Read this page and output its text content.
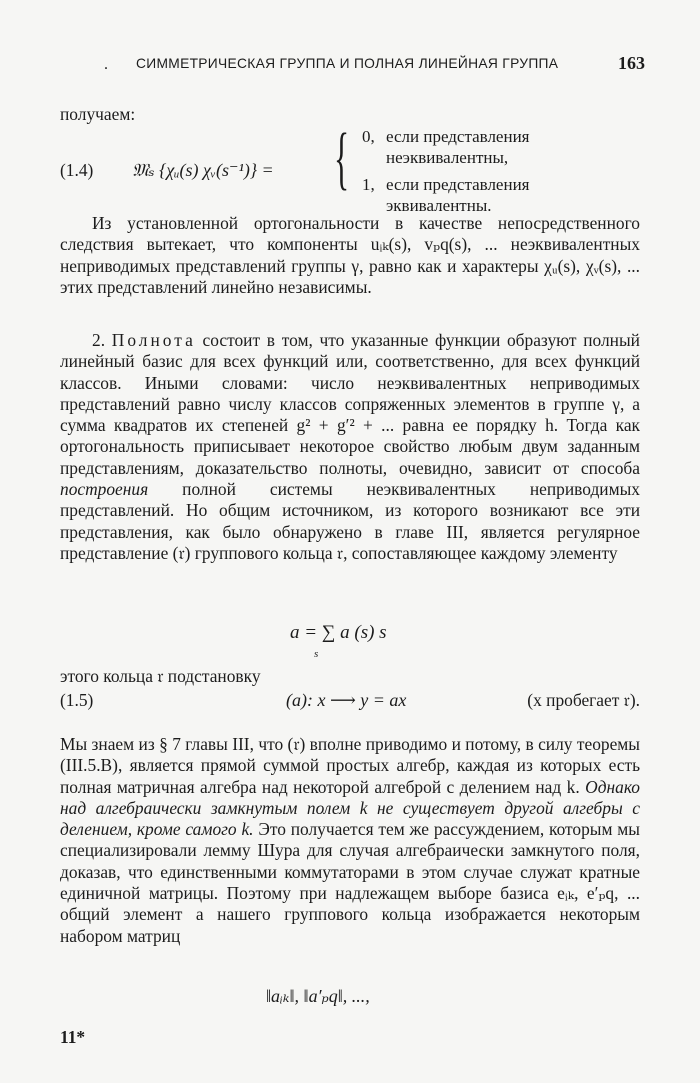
. СИММЕТРИЧЕСКАЯ ГРУППА И ПОЛНАЯ ЛИНЕЙНАЯ ГРУППА	163
получаем:
(1.4) 𝔐ₛ {χᵤ(s) χᵥ(s⁻¹)} = { 0, если представления
неэквивалентны,
1, если представления
эквивалентны.

Из установленной ортогональности в качестве непосредственного следствия вытекает, что компоненты uᵢₖ(s), vₚq(s), ... неэквивалентных неприводимых представлений группы γ, равно как и характеры χᵤ(s), χᵥ(s), ... этих представлений линейно независимы.

2. Полнота состоит в том, что указанные функции образуют полный линейный базис для всех функций или, соответственно, для всех функций классов. Иными словами: число неэквивалентных неприводимых представлений равно числу классов сопряженных элементов в группе γ, а сумма квадратов их степеней g² + g′² + ... равна ее порядку h. Тогда как ортогональность приписывает некоторое свойство любым двум заданным представлениям, доказательство полноты, очевидно, зависит от способа построения полной системы неэквивалентных неприводимых представлений. Но общим источником, из которого возникают все эти представления, как было обнаружено в главе III, является регулярное представление (𝔯) группового кольца 𝔯, сопоставляющее каждому элементу

a = ∑ a (s) s
s
этого кольца 𝔯 подстановку
(1.5)	(a): x ⟶ y = ax	(x пробегает 𝔯).

Мы знаем из § 7 главы III, что (𝔯) вполне приводимо и потому, в силу теоремы (III.5.B), является прямой суммой простых алгебр, каждая из которых есть полная матричная алгебра над некоторой алгеброй с делением над k. Однако над алгебраически замкнутым полем k не существует другой алгебры с делением, кроме самого k. Это получается тем же рассуждением, которым мы специализировали лемму Шура для случая алгебраически замкнутого поля, доказав, что единственными коммутаторами в этом случае служат кратные единичной матрицы. Поэтому при надлежащем выборе базиса eᵢₖ, e′ₚq, ... общий элемент a нашего группового кольца изображается некоторым набором матриц

‖aᵢₖ‖, ‖a′ₚq‖, ...,
11*
